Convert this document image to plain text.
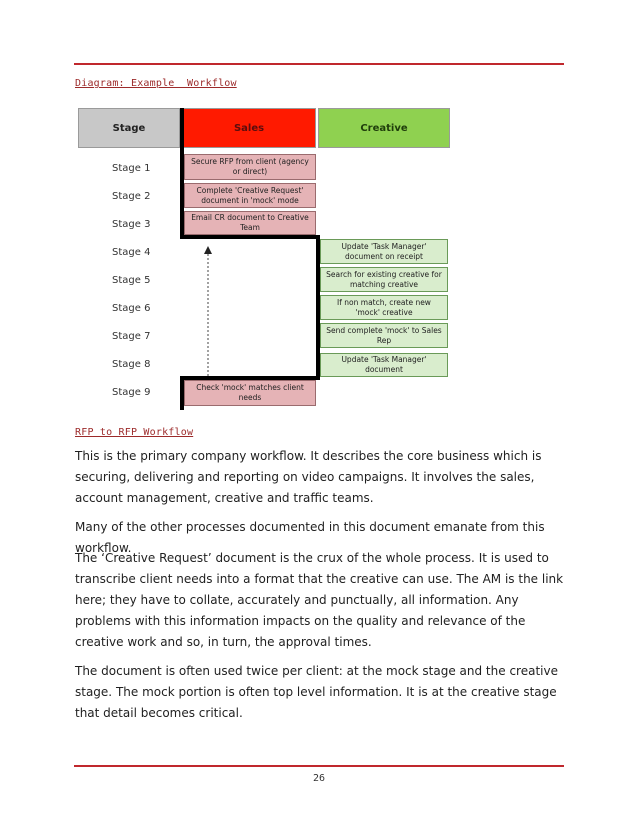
Diagram: Example  Workflow
Stage	Sales	Creative
Stage 1
Stage 2
Stage 3
Stage 4
Stage 5
Stage 6
Stage 7
Stage 8
Stage 9
Secure RFP from client (agency or direct)
Complete 'Creative Request' document in 'mock' mode
Email CR document to Creative Team
Check 'mock' matches client needs
Update 'Task Manager' document on receipt
Search for existing creative for matching creative
If non match, create new 'mock' creative
Send complete 'mock' to Sales Rep
Update 'Task Manager' document
RFP to RFP Workflow

This is the primary company workflow. It describes the core business which is securing, delivering and reporting on video campaigns. It involves the sales, account management, creative and traffic teams.

Many of the other processes documented in this document emanate from this workflow.

The ‘Creative Request’ document is the crux of the whole process. It is used to transcribe client needs into a format that the creative can use. The AM is the link here; they have to collate, accurately and punctually, all information. Any problems with this information impacts on the quality and relevance of the creative work and so, in turn, the approval times.

The document is often used twice per client: at the mock stage and the creative stage. The mock portion is often top level information. It is at the creative stage that detail becomes critical.

26
